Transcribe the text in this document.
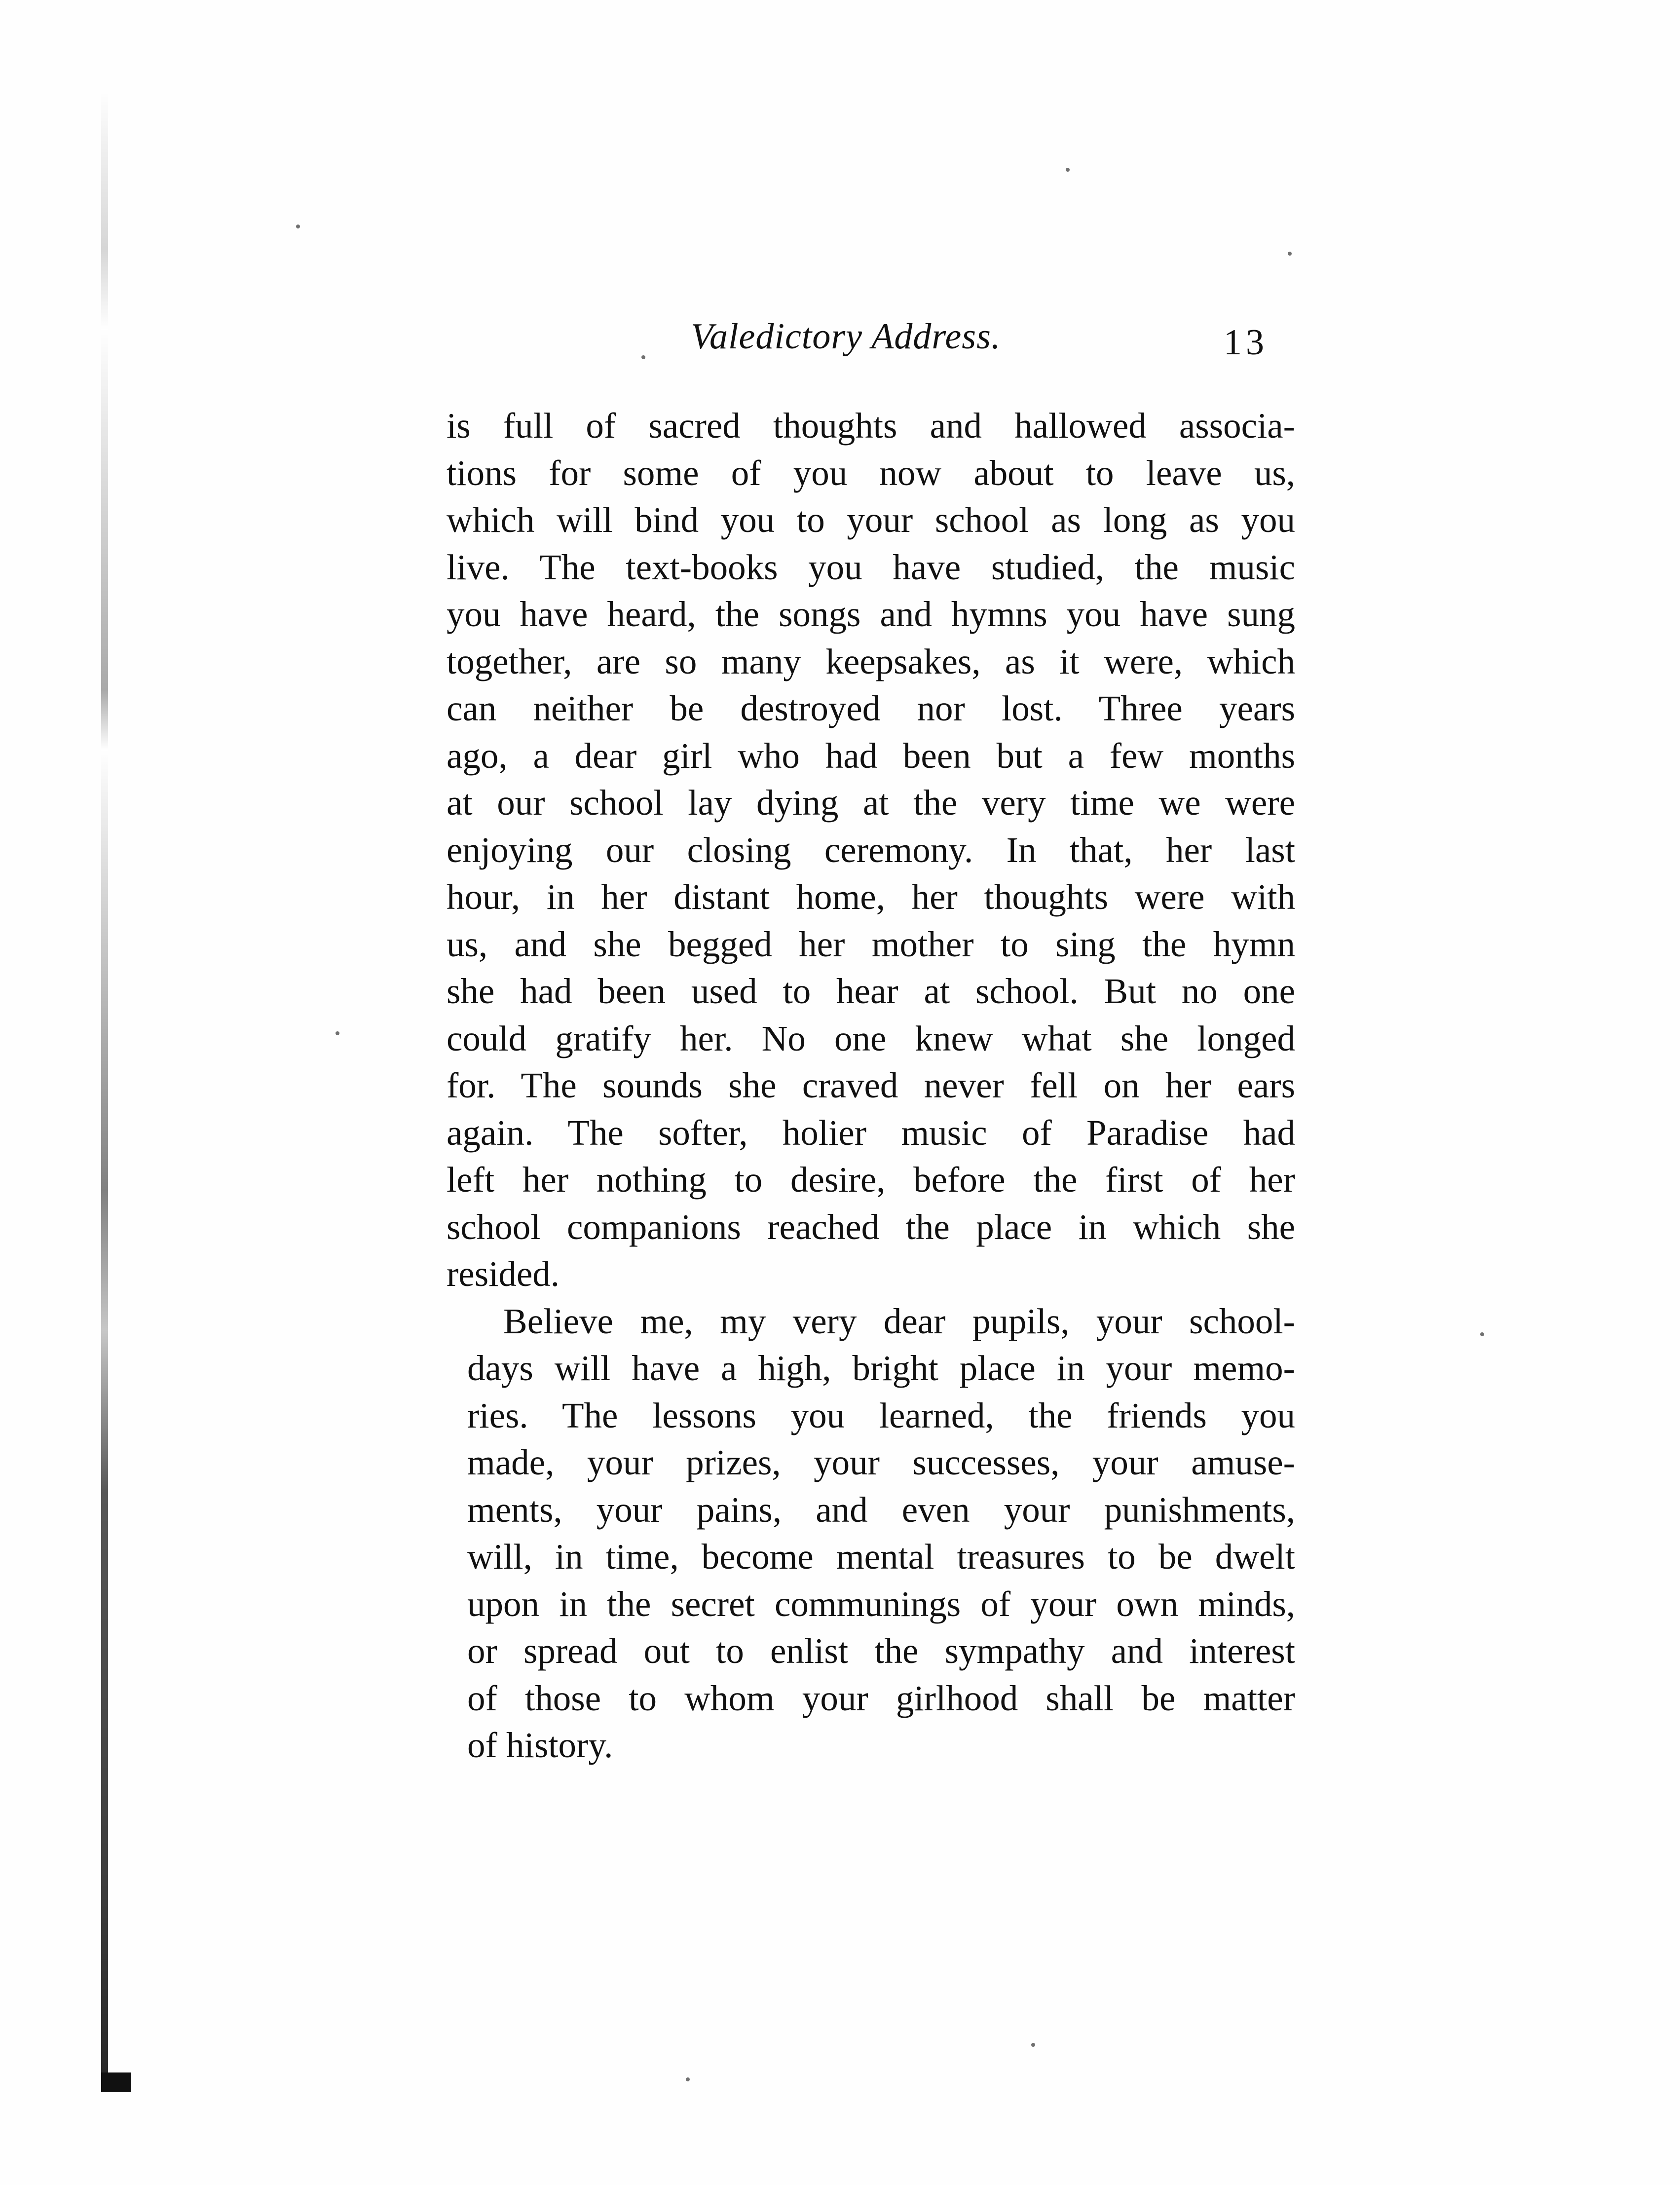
Valedictory Address.	13
is full of sacred thoughts and hallowed associa-
tions for some of you now about to leave us,
which will bind you to your school as long as you
live. The text-books you have studied, the music
you have heard, the songs and hymns you have sung
together, are so many keepsakes, as it were, which
can neither be destroyed nor lost. Three years
ago, a dear girl who had been but a few months
at our school lay dying at the very time we were
enjoying our closing ceremony. In that, her last
hour, in her distant home, her thoughts were with
us, and she begged her mother to sing the hymn
she had been used to hear at school. But no one
could gratify her. No one knew what she longed
for. The sounds she craved never fell on her ears
again. The softer, holier music of Paradise had
left her nothing to desire, before the first of her
school companions reached the place in which she
resided.
Believe me, my very dear pupils, your school-
days will have a high, bright place in your memo-
ries. The lessons you learned, the friends you
made, your prizes, your successes, your amuse-
ments, your pains, and even your punishments,
will, in time, become mental treasures to be dwelt
upon in the secret communings of your own minds,
or spread out to enlist the sympathy and interest
of those to whom your girlhood shall be matter
of history.
